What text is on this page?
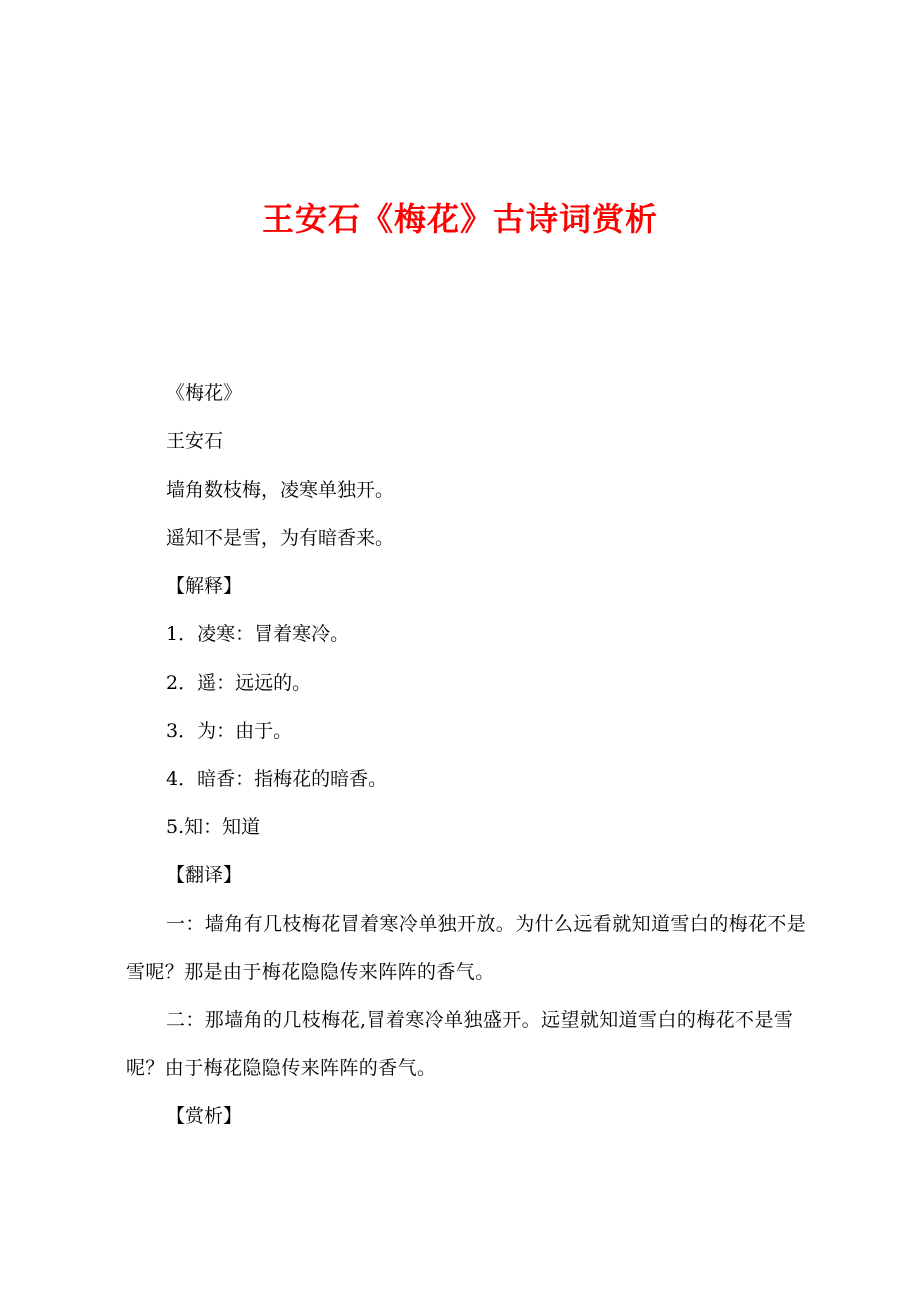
王安石《梅花》古诗词赏析

《梅花》

王安石

墙角数枝梅，凌寒单独开。

遥知不是雪，为有暗香来。

【解释】

1．凌寒：冒着寒冷。

2．遥：远远的。

3．为：由于。

4．暗香：指梅花的暗香。

5.知：知道

【翻译】

一：墙角有几枝梅花冒着寒冷单独开放。为什么远看就知道雪白的梅花不是雪呢？那是由于梅花隐隐传来阵阵的香气。

二：那墙角的几枝梅花,冒着寒冷单独盛开。远望就知道雪白的梅花不是雪呢？由于梅花隐隐传来阵阵的香气。

【赏析】
